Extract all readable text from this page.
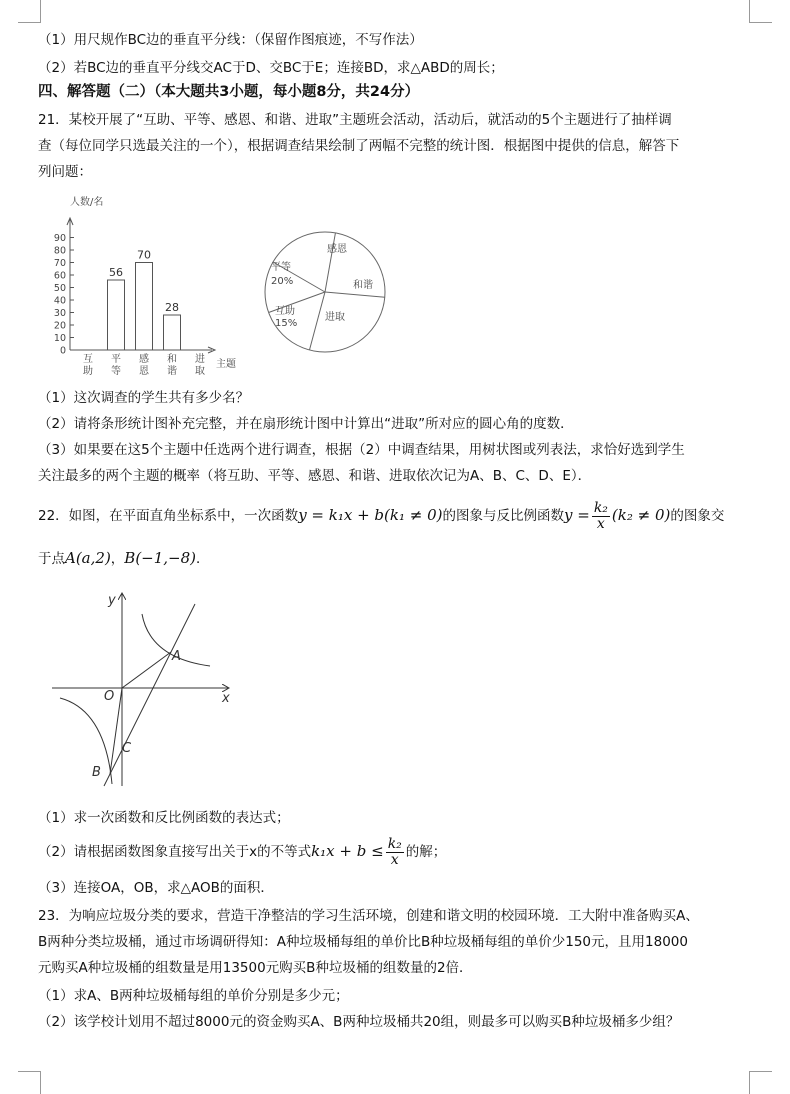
（1）用尺规作BC边的垂直平分线：（保留作图痕迹，不写作法）
（2）若BC边的垂直平分线交AC于D、交BC于E；连接BD，求△ABD的周长；
四、解答题（二）（本大题共3小题，每小题8分，共24分）
21．某校开展了“互助、平等、感恩、和谐、进取”主题班会活动，活动后，就活动的5个主题进行了抽样调
查（每位同学只选最关注的一个），根据调查结果绘制了两幅不完整的统计图．根据图中提供的信息，解答下
列问题：
0
10
20
30
40
50
60
70
80
90
56
70
28
互
助
平
等
感
恩
和
谐
进
取
人数/名
主题
感恩
和谐
进取
互助
15%
平等
20%
（1）这次调查的学生共有多少名？
（2）请将条形统计图补充完整，并在扇形统计图中计算出“进取”所对应的圆心角的度数．
（3）如果要在这5个主题中任选两个进行调查，根据（2）中调查结果，用树状图或列表法，求恰好选到学生
关注最多的两个主题的概率（将互助、平等、感恩、和谐、进取依次记为A、B、C、D、E）．
22．如图，在平面直角坐标系中，一次函数y = k₁x + b(k₁ ≠ 0)的图象与反比例函数$y = \frac{\text{k₂}}{x} (k_2 \ne 0)$的图象交
于点A(a,2)，B(−1,−8)．
y
x
O
A
B
C
（1）求一次函数和反比例函数的表达式；
（2）请根据函数图象直接写出关于x的不等式$k_1x + b \le \frac{\text{k₂}}{x}$ 的解；
（3）连接OA，OB，求△AOB的面积．
23．为响应垃圾分类的要求，营造干净整洁的学习生活环境，创建和谐文明的校园环境．工大附中准备购买A、
B两种分类垃圾桶，通过市场调研得知：A种垃圾桶每组的单价比B种垃圾桶每组的单价少150元，且用18000
元购买A种垃圾桶的组数量是用13500元购买B种垃圾桶的组数量的2倍．
（1）求A、B两种垃圾桶每组的单价分别是多少元；
（2）该学校计划用不超过8000元的资金购买A、B两种垃圾桶共20组，则最多可以购买B种垃圾桶多少组？
